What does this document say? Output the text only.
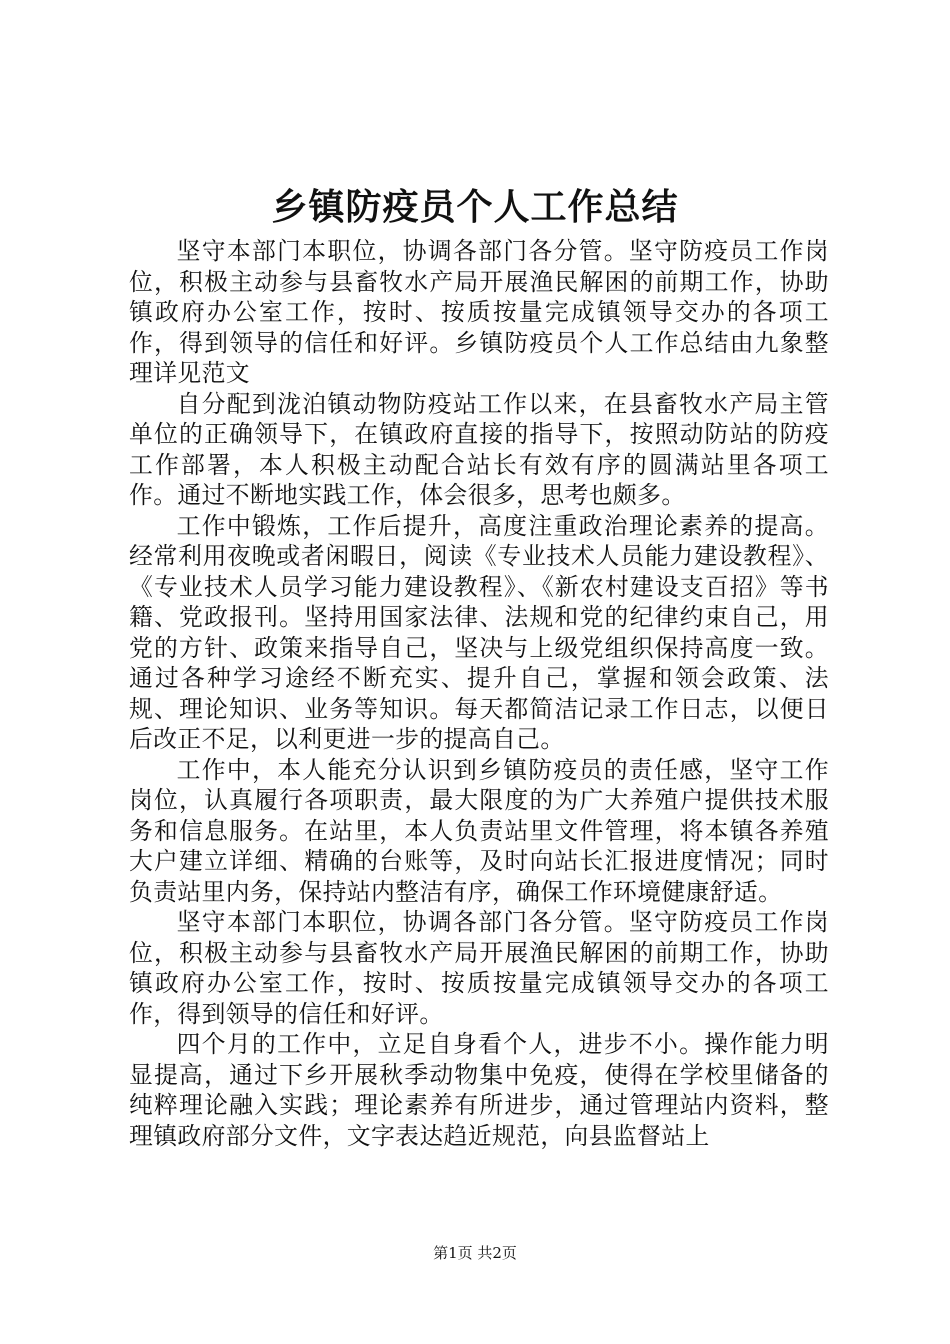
乡镇防疫员个人工作总结

坚守本部门本职位，协调各部门各分管。坚守防疫员工作岗位，积极主动参与县畜牧水产局开展渔民解困的前期工作，协助镇政府办公室工作，按时、按质按量完成镇领导交办的各项工作，得到领导的信任和好评。乡镇防疫员个人工作总结由九象整理详见范文

自分配到泷泊镇动物防疫站工作以来，在县畜牧水产局主管单位的正确领导下，在镇政府直接的指导下，按照动防站的防疫工作部署，本人积极主动配合站长有效有序的圆满站里各项工作。通过不断地实践工作，体会很多，思考也颇多。

工作中锻炼，工作后提升，高度注重政治理论素养的提高。经常利用夜晚或者闲暇日，阅读《专业技术人员能力建设教程》、《专业技术人员学习能力建设教程》、《新农村建设支百招》等书籍、党政报刊。坚持用国家法律、法规和党的纪律约束自己，用党的方针、政策来指导自己，坚决与上级党组织保持高度一致。通过各种学习途经不断充实、提升自己，掌握和领会政策、法规、理论知识、业务等知识。每天都简洁记录工作日志，以便日后改正不足，以利更进一步的提高自己。

工作中，本人能充分认识到乡镇防疫员的责任感，坚守工作岗位，认真履行各项职责，最大限度的为广大养殖户提供技术服务和信息服务。在站里，本人负责站里文件管理，将本镇各养殖大户建立详细、精确的台账等，及时向站长汇报进度情况；同时负责站里内务，保持站内整洁有序，确保工作环境健康舒适。

坚守本部门本职位，协调各部门各分管。坚守防疫员工作岗位，积极主动参与县畜牧水产局开展渔民解困的前期工作，协助镇政府办公室工作，按时、按质按量完成镇领导交办的各项工作，得到领导的信任和好评。

四个月的工作中，立足自身看个人，进步不小。操作能力明显提高，通过下乡开展秋季动物集中免疫，使得在学校里储备的纯粹理论融入实践；理论素养有所进步，通过管理站内资料，整理镇政府部分文件，文字表达趋近规范，向县监督站上

第1页 共2页
